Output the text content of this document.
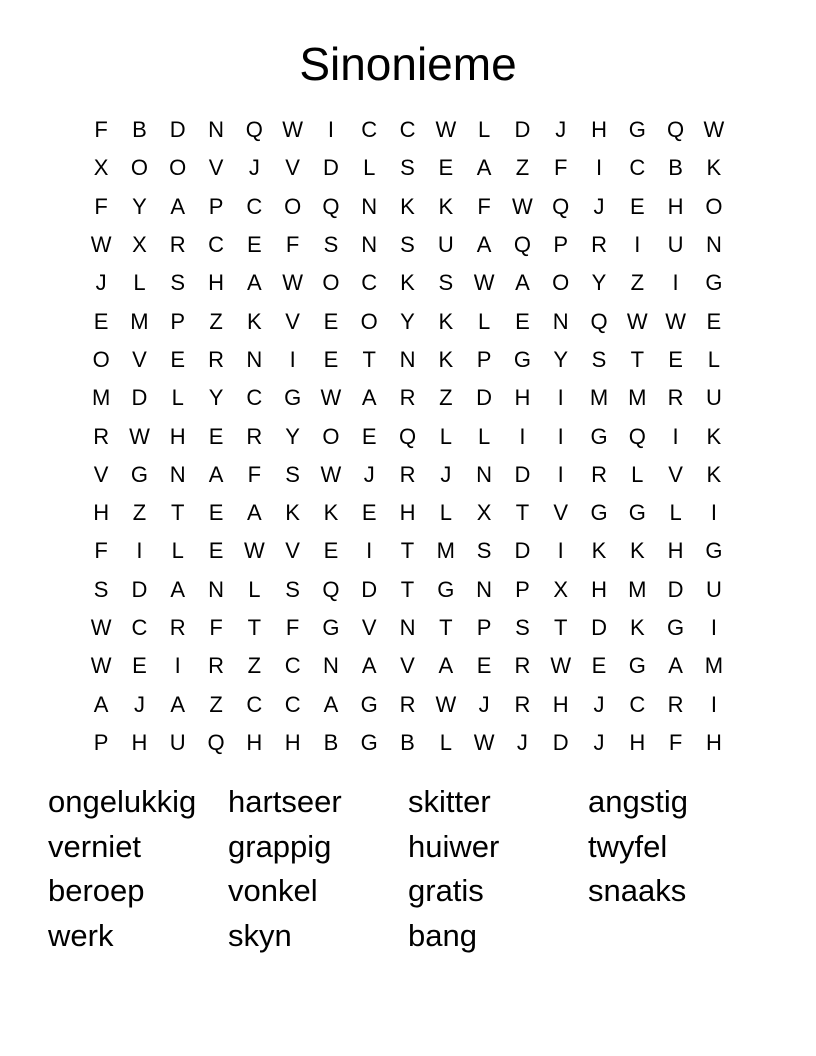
Sinonieme
F	B	D	N Q W	I	C	C W L	D	J	H G Q W
X	O O	V	J	V	D	L	S	E	A	Z	F	I	C	B	K
F	Y	A	P	C O Q N	K	K	F W Q	J	E	H O
W X	R	C	E	F	S	N	S	U	A	Q	P	R	I	U	N
J	L	S	H	A W O C	K	S W A	O	Y	Z	I	G
E M P	Z	K	V	E	O	Y	K	L	E	N Q W W E
O	V	E	R	N	I	E	T	N	K	P	G	Y	S	T	E	L
M D	L	Y	C G W A	R	Z	D	H	I	M M R	U
R W H	E	R	Y	O	E	Q	L	L	I	I	G Q	I	K
V	G N	A	F	S W	J	R	J	N	D	I	R	L	V	K
H	Z	T	E	A	K	K	E	H	L	X	T	V	G G	L	I
F	I	L	E W V	E	I	T	M S	D	I	K	K	H G
S	D	A	N	L	S	Q D	T	G N	P	X	H M D	U
W C	R	F	T	F	G	V	N	T	P	S	T	D	K	G	I
W E	I	R	Z	C	N	A	V	A	E	R W E	G	A M
A	J	A	Z	C	C	A	G R W	J	R	H	J	C	R	I
P	H	U Q H	H	B	G	B	L W	J	D	J	H	F	H
ongelukkig	hartseer	skitter	angstig
verniet	grappig	huiwer	twyfel
beroep	vonkel	gratis	snaaks
werk	skyn	bang
